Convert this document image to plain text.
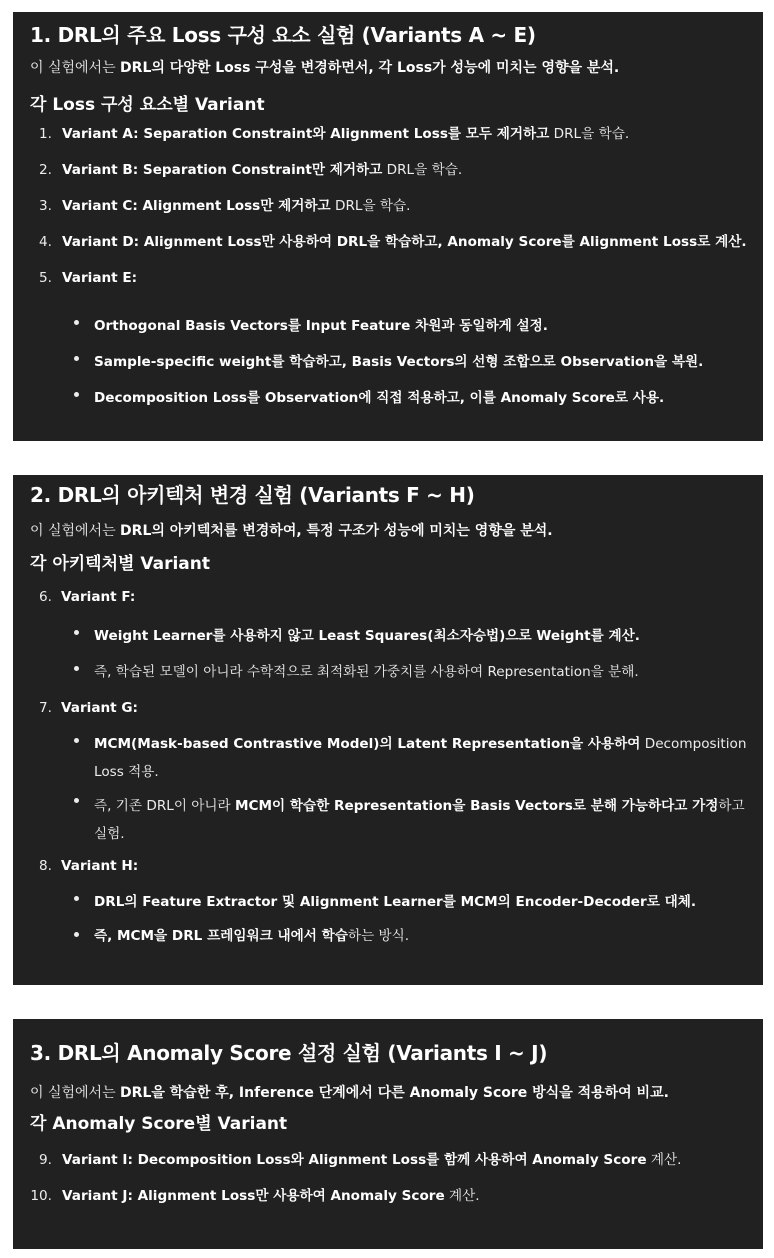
1. DRL의 주요 Loss 구성 요소 실험 (Variants A ~ E)

이 실험에서는 DRL의 다양한 Loss 구성을 변경하면서, 각 Loss가 성능에 미치는 영향을 분석.

각 Loss 구성 요소별 Variant
1. Variant A: Separation Constraint와 Alignment Loss를 모두 제거하고 DRL을 학습.
2. Variant B: Separation Constraint만 제거하고 DRL을 학습.
3. Variant C: Alignment Loss만 제거하고 DRL을 학습.
4. Variant D: Alignment Loss만 사용하여 DRL을 학습하고, Anomaly Score를 Alignment Loss로 계산.
5. Variant E:
Orthogonal Basis Vectors를 Input Feature 차원과 동일하게 설정.
Sample-specific weight를 학습하고, Basis Vectors의 선형 조합으로 Observation을 복원.
Decomposition Loss를 Observation에 직접 적용하고, 이를 Anomaly Score로 사용.
2. DRL의 아키텍처 변경 실험 (Variants F ~ H)

이 실험에서는 DRL의 아키텍처를 변경하여, 특정 구조가 성능에 미치는 영향을 분석.

각 아키텍처별 Variant
6. Variant F:
Weight Learner를 사용하지 않고 Least Squares(최소자승법)으로 Weight를 계산.
즉, 학습된 모델이 아니라 수학적으로 최적화된 가중치를 사용하여 Representation을 분해.
7. Variant G:
MCM(Mask-based Contrastive Model)의 Latent Representation을 사용하여 Decomposition
Loss 적용.
즉, 기존 DRL이 아니라 MCM이 학습한 Representation을 Basis Vectors로 분해 가능하다고 가정하고
실험.
8. Variant H:
DRL의 Feature Extractor 및 Alignment Learner를 MCM의 Encoder-Decoder로 대체.
즉, MCM을 DRL 프레임워크 내에서 학습하는 방식.
3. DRL의 Anomaly Score 설정 실험 (Variants I ~ J)

이 실험에서는 DRL을 학습한 후, Inference 단계에서 다른 Anomaly Score 방식을 적용하여 비교.

각 Anomaly Score별 Variant
9. Variant I: Decomposition Loss와 Alignment Loss를 함께 사용하여 Anomaly Score 계산.
10. Variant J: Alignment Loss만 사용하여 Anomaly Score 계산.
